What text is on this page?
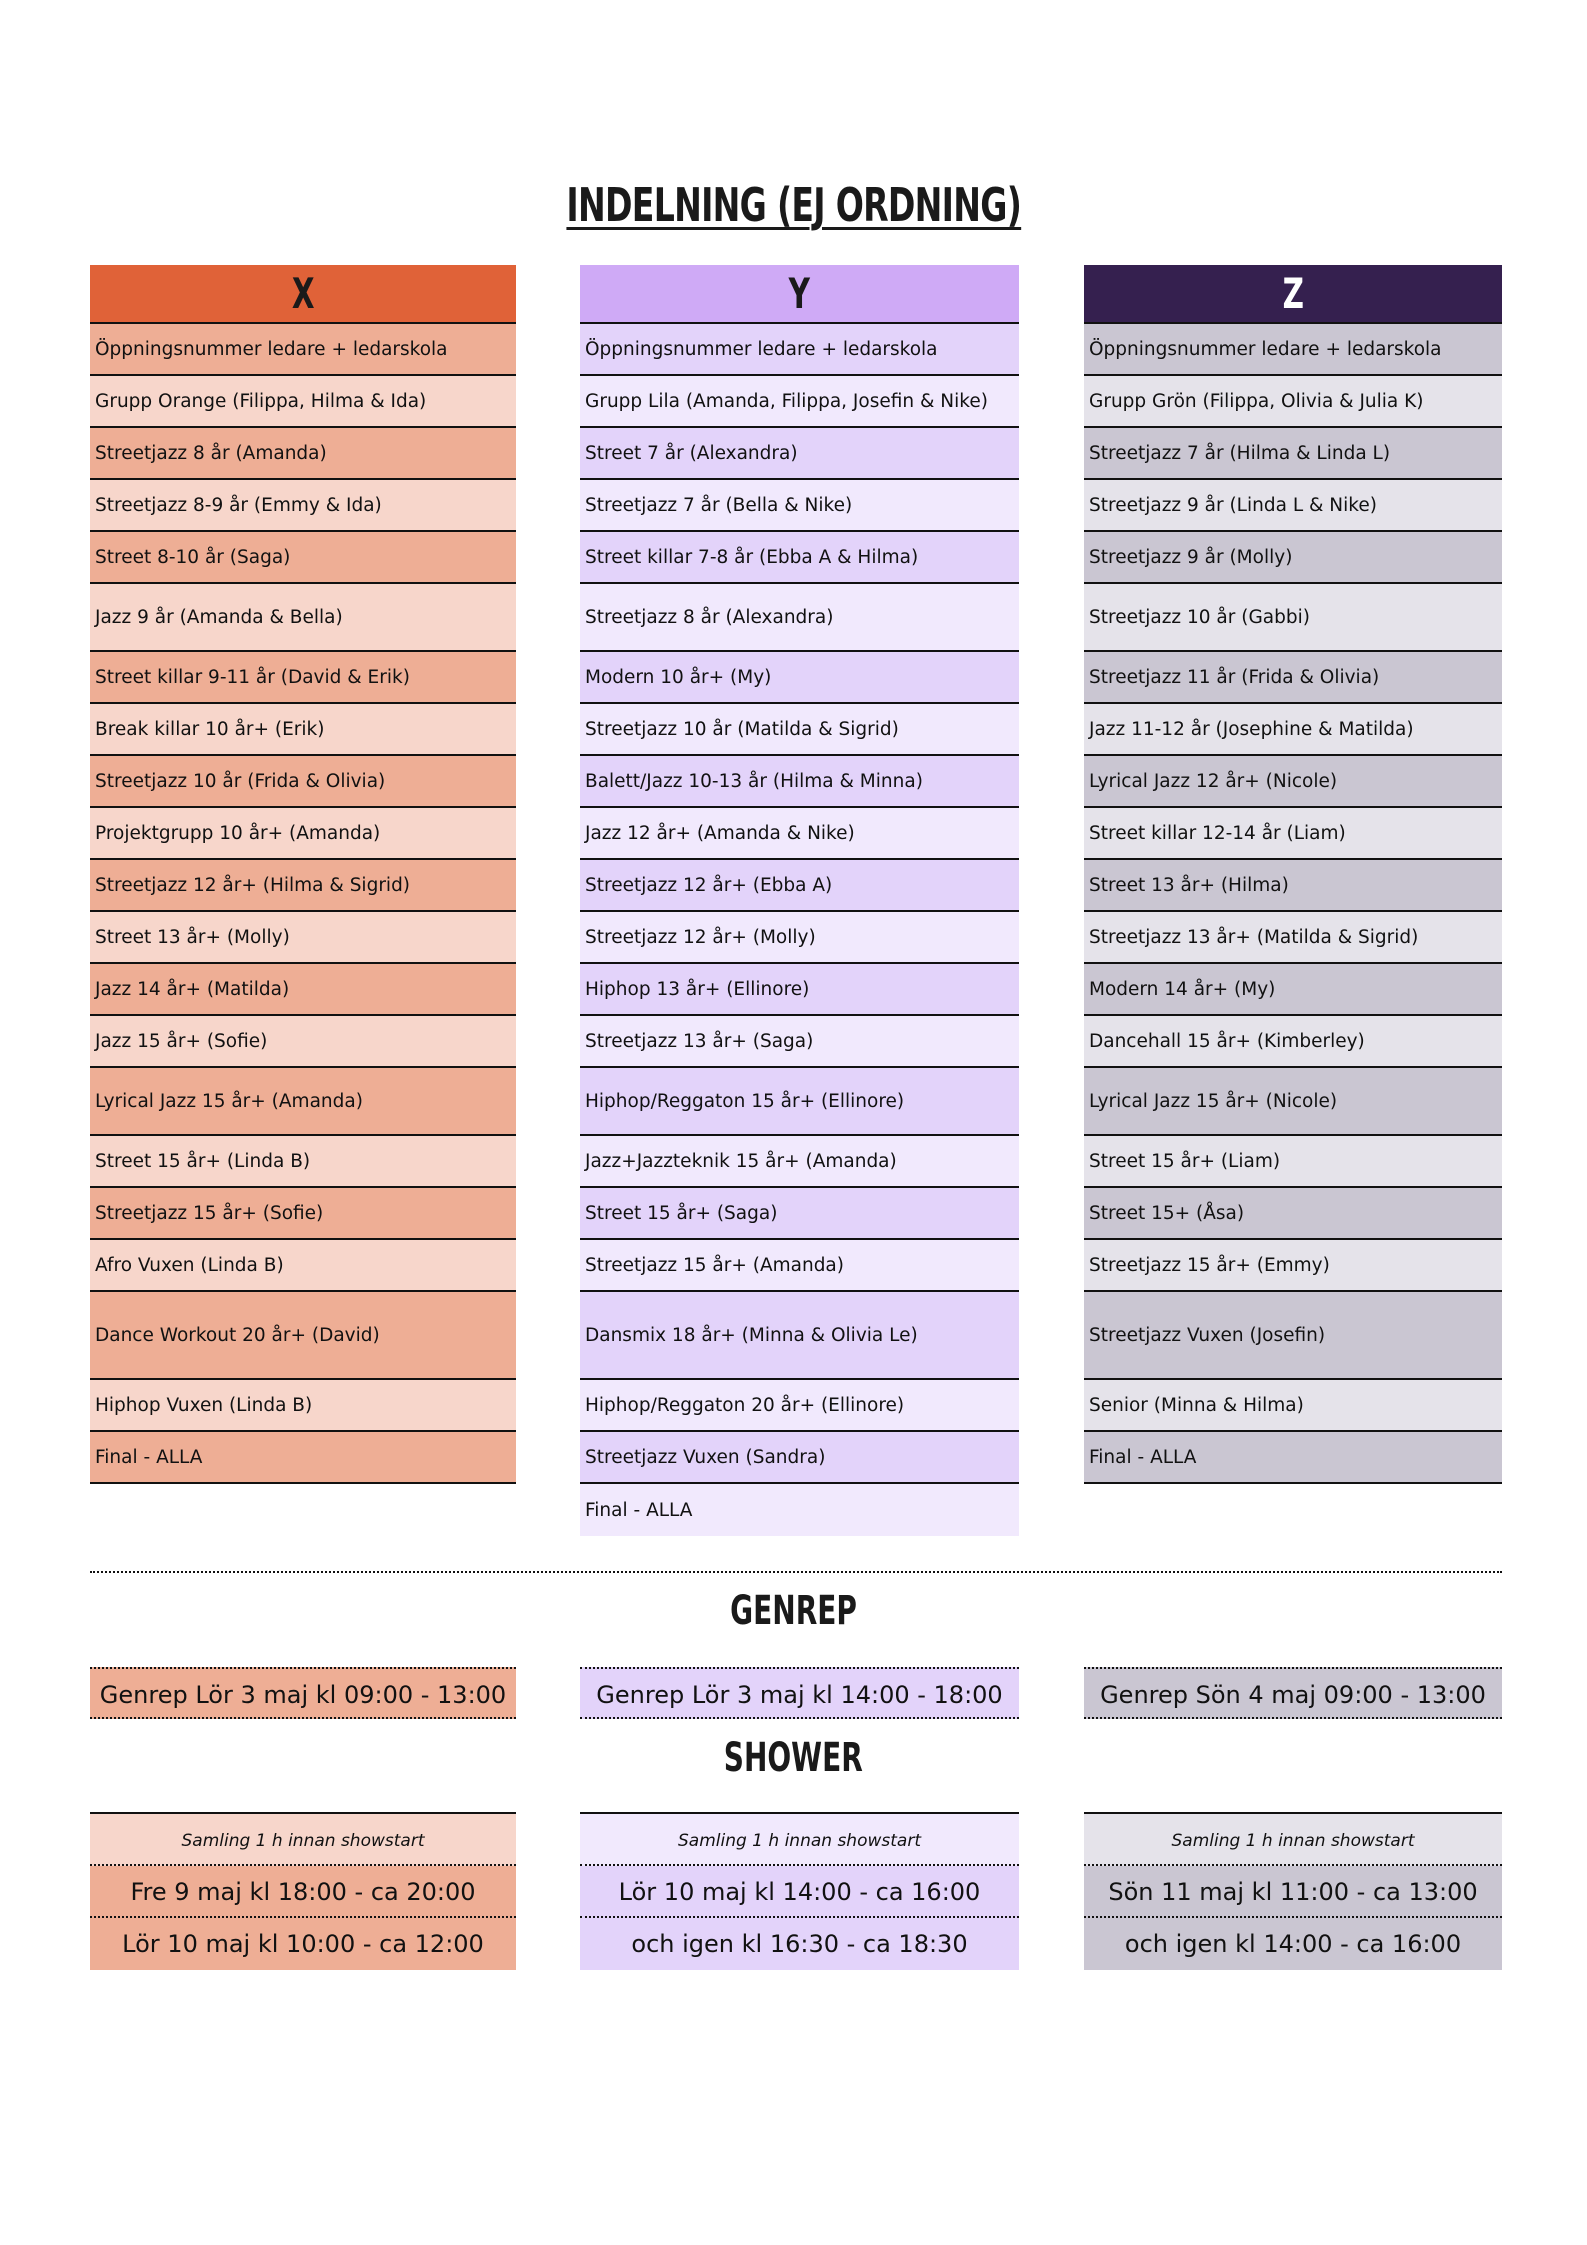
INDELNING (EJ ORDNING)
X
Öppningsnummer ledare + ledarskola
Grupp Orange (Filippa, Hilma & Ida)
Streetjazz 8 år (Amanda)
Streetjazz 8-9 år (Emmy & Ida)
Street 8-10 år (Saga)
Jazz 9 år (Amanda & Bella)
Street killar 9-11 år (David & Erik)
Break killar 10 år+ (Erik)
Streetjazz 10 år (Frida & Olivia)
Projektgrupp 10 år+ (Amanda)
Streetjazz 12 år+ (Hilma & Sigrid)
Street 13 år+ (Molly)
Jazz 14 år+ (Matilda)
Jazz 15 år+ (Sofie)
Lyrical Jazz 15 år+ (Amanda)
Street 15 år+ (Linda B)
Streetjazz 15 år+ (Sofie)
Afro Vuxen (Linda B)
Dance Workout 20 år+ (David)
Hiphop Vuxen (Linda B)
Final - ALLA
Y
Öppningsnummer ledare + ledarskola
Grupp Lila (Amanda, Filippa, Josefin & Nike)
Street 7 år (Alexandra)
Streetjazz 7 år (Bella & Nike)
Street killar 7-8 år (Ebba A & Hilma)
Streetjazz 8 år (Alexandra)
Modern 10 år+ (My)
Streetjazz 10 år (Matilda & Sigrid)
Balett/Jazz 10-13 år (Hilma & Minna)
Jazz 12 år+ (Amanda & Nike)
Streetjazz 12 år+ (Ebba A)
Streetjazz 12 år+ (Molly)
Hiphop 13 år+ (Ellinore)
Streetjazz 13 år+ (Saga)
Hiphop/Reggaton 15 år+ (Ellinore)
Jazz+Jazzteknik 15 år+ (Amanda)
Street 15 år+ (Saga)
Streetjazz 15 år+ (Amanda)
Dansmix 18 år+ (Minna & Olivia Le)
Hiphop/Reggaton 20 år+ (Ellinore)
Streetjazz Vuxen (Sandra)
Final - ALLA
Z
Öppningsnummer ledare + ledarskola
Grupp Grön (Filippa, Olivia & Julia K)
Streetjazz 7 år (Hilma & Linda L)
Streetjazz 9 år (Linda L & Nike)
Streetjazz 9 år (Molly)
Streetjazz 10 år (Gabbi)
Streetjazz 11 år (Frida & Olivia)
Jazz 11-12 år (Josephine & Matilda)
Lyrical Jazz 12 år+ (Nicole)
Street killar 12-14 år (Liam)
Street 13 år+ (Hilma)
Streetjazz 13 år+ (Matilda & Sigrid)
Modern 14 år+ (My)
Dancehall 15 år+ (Kimberley)
Lyrical Jazz 15 år+ (Nicole)
Street 15 år+ (Liam)
Street 15+ (Åsa)
Streetjazz 15 år+ (Emmy)
Streetjazz Vuxen (Josefin)
Senior (Minna & Hilma)
Final - ALLA
GENREP
Genrep Lör 3 maj kl 09:00 - 13:00	Genrep Lör 3 maj kl 14:00 - 18:00	Genrep Sön 4 maj 09:00 - 13:00
SHOWER
Samling 1 h innan showstart
Fre 9 maj kl 18:00 - ca 20:00
Lör 10 maj kl 10:00 - ca 12:00
Samling 1 h innan showstart
Lör 10 maj kl 14:00 - ca 16:00
och igen kl 16:30 - ca 18:30
Samling 1 h innan showstart
Sön 11 maj kl 11:00 - ca 13:00
och igen kl 14:00 - ca 16:00
